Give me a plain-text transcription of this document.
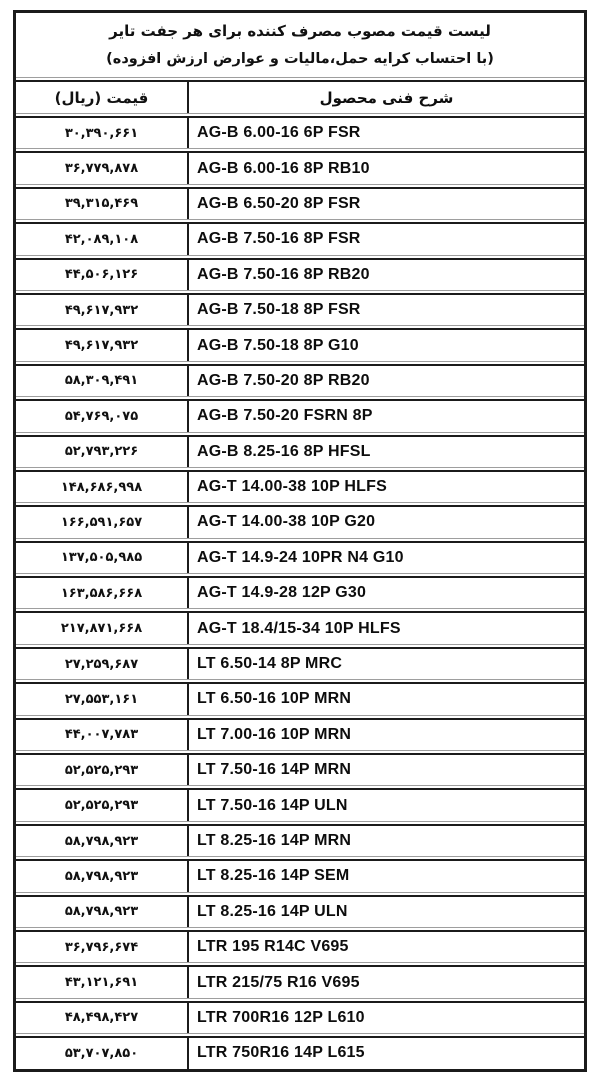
لیست قیمت مصوب مصرف کننده برای هر جفت تایر
(با احتساب کرایه حمل،مالیات و عوارض ارزش افزوده)
قیمت (ریال)	شرح فنی محصول
۳۰,۳۹۰,۶۶۱	AG-B 6.00-16 6P FSR
۳۶,۷۷۹,۸۷۸	AG-B 6.00-16 8P RB10
۳۹,۳۱۵,۴۶۹	AG-B 6.50-20 8P FSR
۴۲,۰۸۹,۱۰۸	AG-B 7.50-16 8P FSR
۴۴,۵۰۶,۱۲۶	AG-B 7.50-16 8P RB20
۴۹,۶۱۷,۹۳۲	AG-B 7.50-18 8P FSR
۴۹,۶۱۷,۹۳۲	AG-B 7.50-18 8P G10
۵۸,۳۰۹,۴۹۱	AG-B 7.50-20 8P RB20
۵۴,۷۶۹,۰۷۵	AG-B 7.50-20 FSRN 8P
۵۲,۷۹۳,۲۲۶	AG-B 8.25-16 8P HFSL
۱۴۸,۶۸۶,۹۹۸	AG-T 14.00-38 10P HLFS
۱۶۶,۵۹۱,۶۵۷	AG-T 14.00-38 10P G20
۱۳۷,۵۰۵,۹۸۵	AG-T 14.9-24 10PR N4 G10
۱۶۳,۵۸۶,۶۶۸	AG-T 14.9-28 12P G30
۲۱۷,۸۷۱,۶۶۸	AG-T 18.4/15-34 10P HLFS
۲۷,۲۵۹,۶۸۷	LT 6.50-14 8P MRC
۲۷,۵۵۳,۱۶۱	LT 6.50-16 10P MRN
۴۴,۰۰۷,۷۸۳	LT 7.00-16 10P MRN
۵۲,۵۲۵,۲۹۳	LT 7.50-16 14P MRN
۵۲,۵۲۵,۲۹۳	LT 7.50-16 14P ULN
۵۸,۷۹۸,۹۲۳	LT 8.25-16 14P MRN
۵۸,۷۹۸,۹۲۳	LT 8.25-16 14P SEM
۵۸,۷۹۸,۹۲۳	LT 8.25-16 14P ULN
۳۶,۷۹۶,۶۷۴	LTR 195 R14C V695
۴۳,۱۲۱,۶۹۱	LTR 215/75 R16 V695
۴۸,۴۹۸,۴۲۷	LTR 700R16 12P L610
۵۳,۷۰۷,۸۵۰	LTR 750R16 14P L615
